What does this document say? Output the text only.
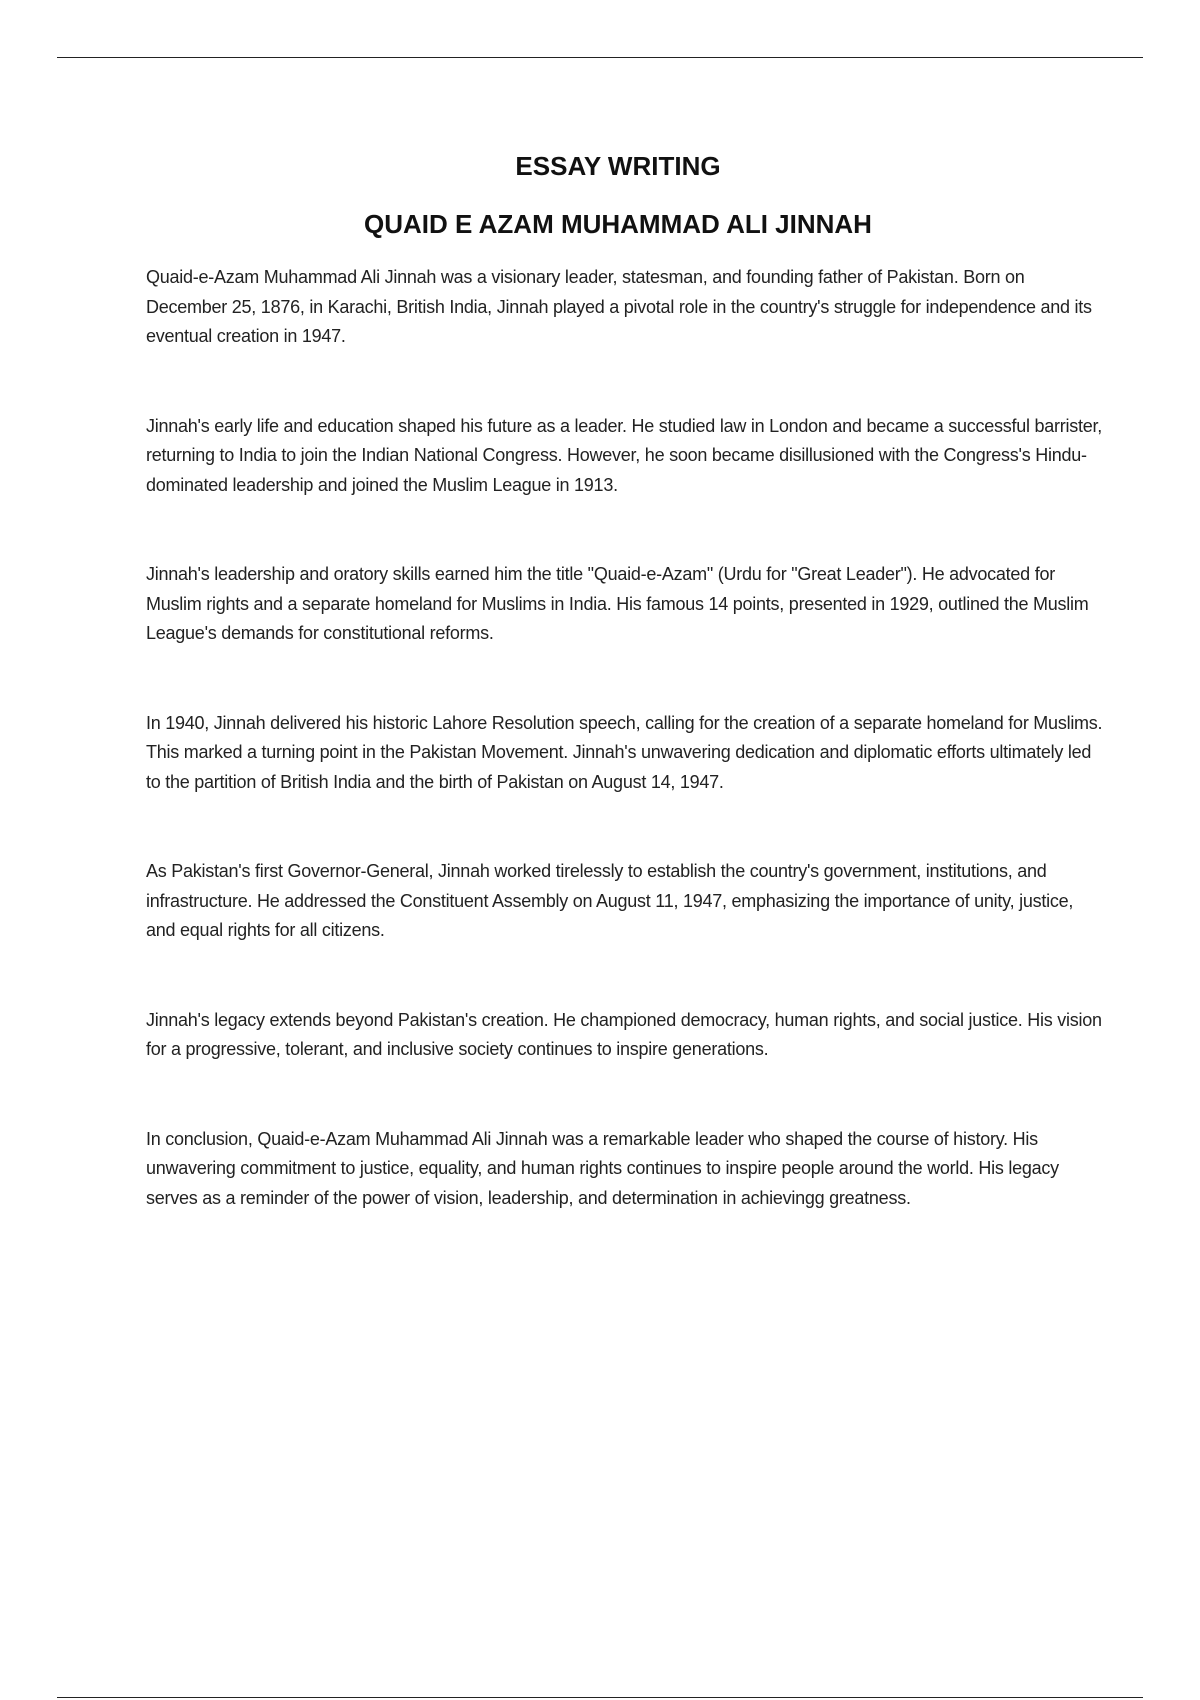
ESSAY WRITING
QUAID E AZAM MUHAMMAD ALI JINNAH

Quaid-e-Azam Muhammad Ali Jinnah was a visionary leader, statesman, and founding father of Pakistan. Born on December 25, 1876, in Karachi, British India, Jinnah played a pivotal role in the country's struggle for independence and its eventual creation in 1947.

Jinnah's early life and education shaped his future as a leader. He studied law in London and became a successful barrister, returning to India to join the Indian National Congress. However, he soon became disillusioned with the Congress's Hindu-dominated leadership and joined the Muslim League in 1913.

Jinnah's leadership and oratory skills earned him the title "Quaid-e-Azam" (Urdu for "Great Leader"). He advocated for Muslim rights and a separate homeland for Muslims in India. His famous 14 points, presented in 1929, outlined the Muslim League's demands for constitutional reforms.

In 1940, Jinnah delivered his historic Lahore Resolution speech, calling for the creation of a separate homeland for Muslims. This marked a turning point in the Pakistan Movement. Jinnah's unwavering dedication and diplomatic efforts ultimately led to the partition of British India and the birth of Pakistan on August 14, 1947.

As Pakistan's first Governor-General, Jinnah worked tirelessly to establish the country's government, institutions, and infrastructure. He addressed the Constituent Assembly on August 11, 1947, emphasizing the importance of unity, justice, and equal rights for all citizens.

Jinnah's legacy extends beyond Pakistan's creation. He championed democracy, human rights, and social justice. His vision for a progressive, tolerant, and inclusive society continues to inspire generations.

In conclusion, Quaid-e-Azam Muhammad Ali Jinnah was a remarkable leader who shaped the course of history. His unwavering commitment to justice, equality, and human rights continues to inspire people around the world. His legacy serves as a reminder of the power of vision, leadership, and determination in achievingg greatness.
